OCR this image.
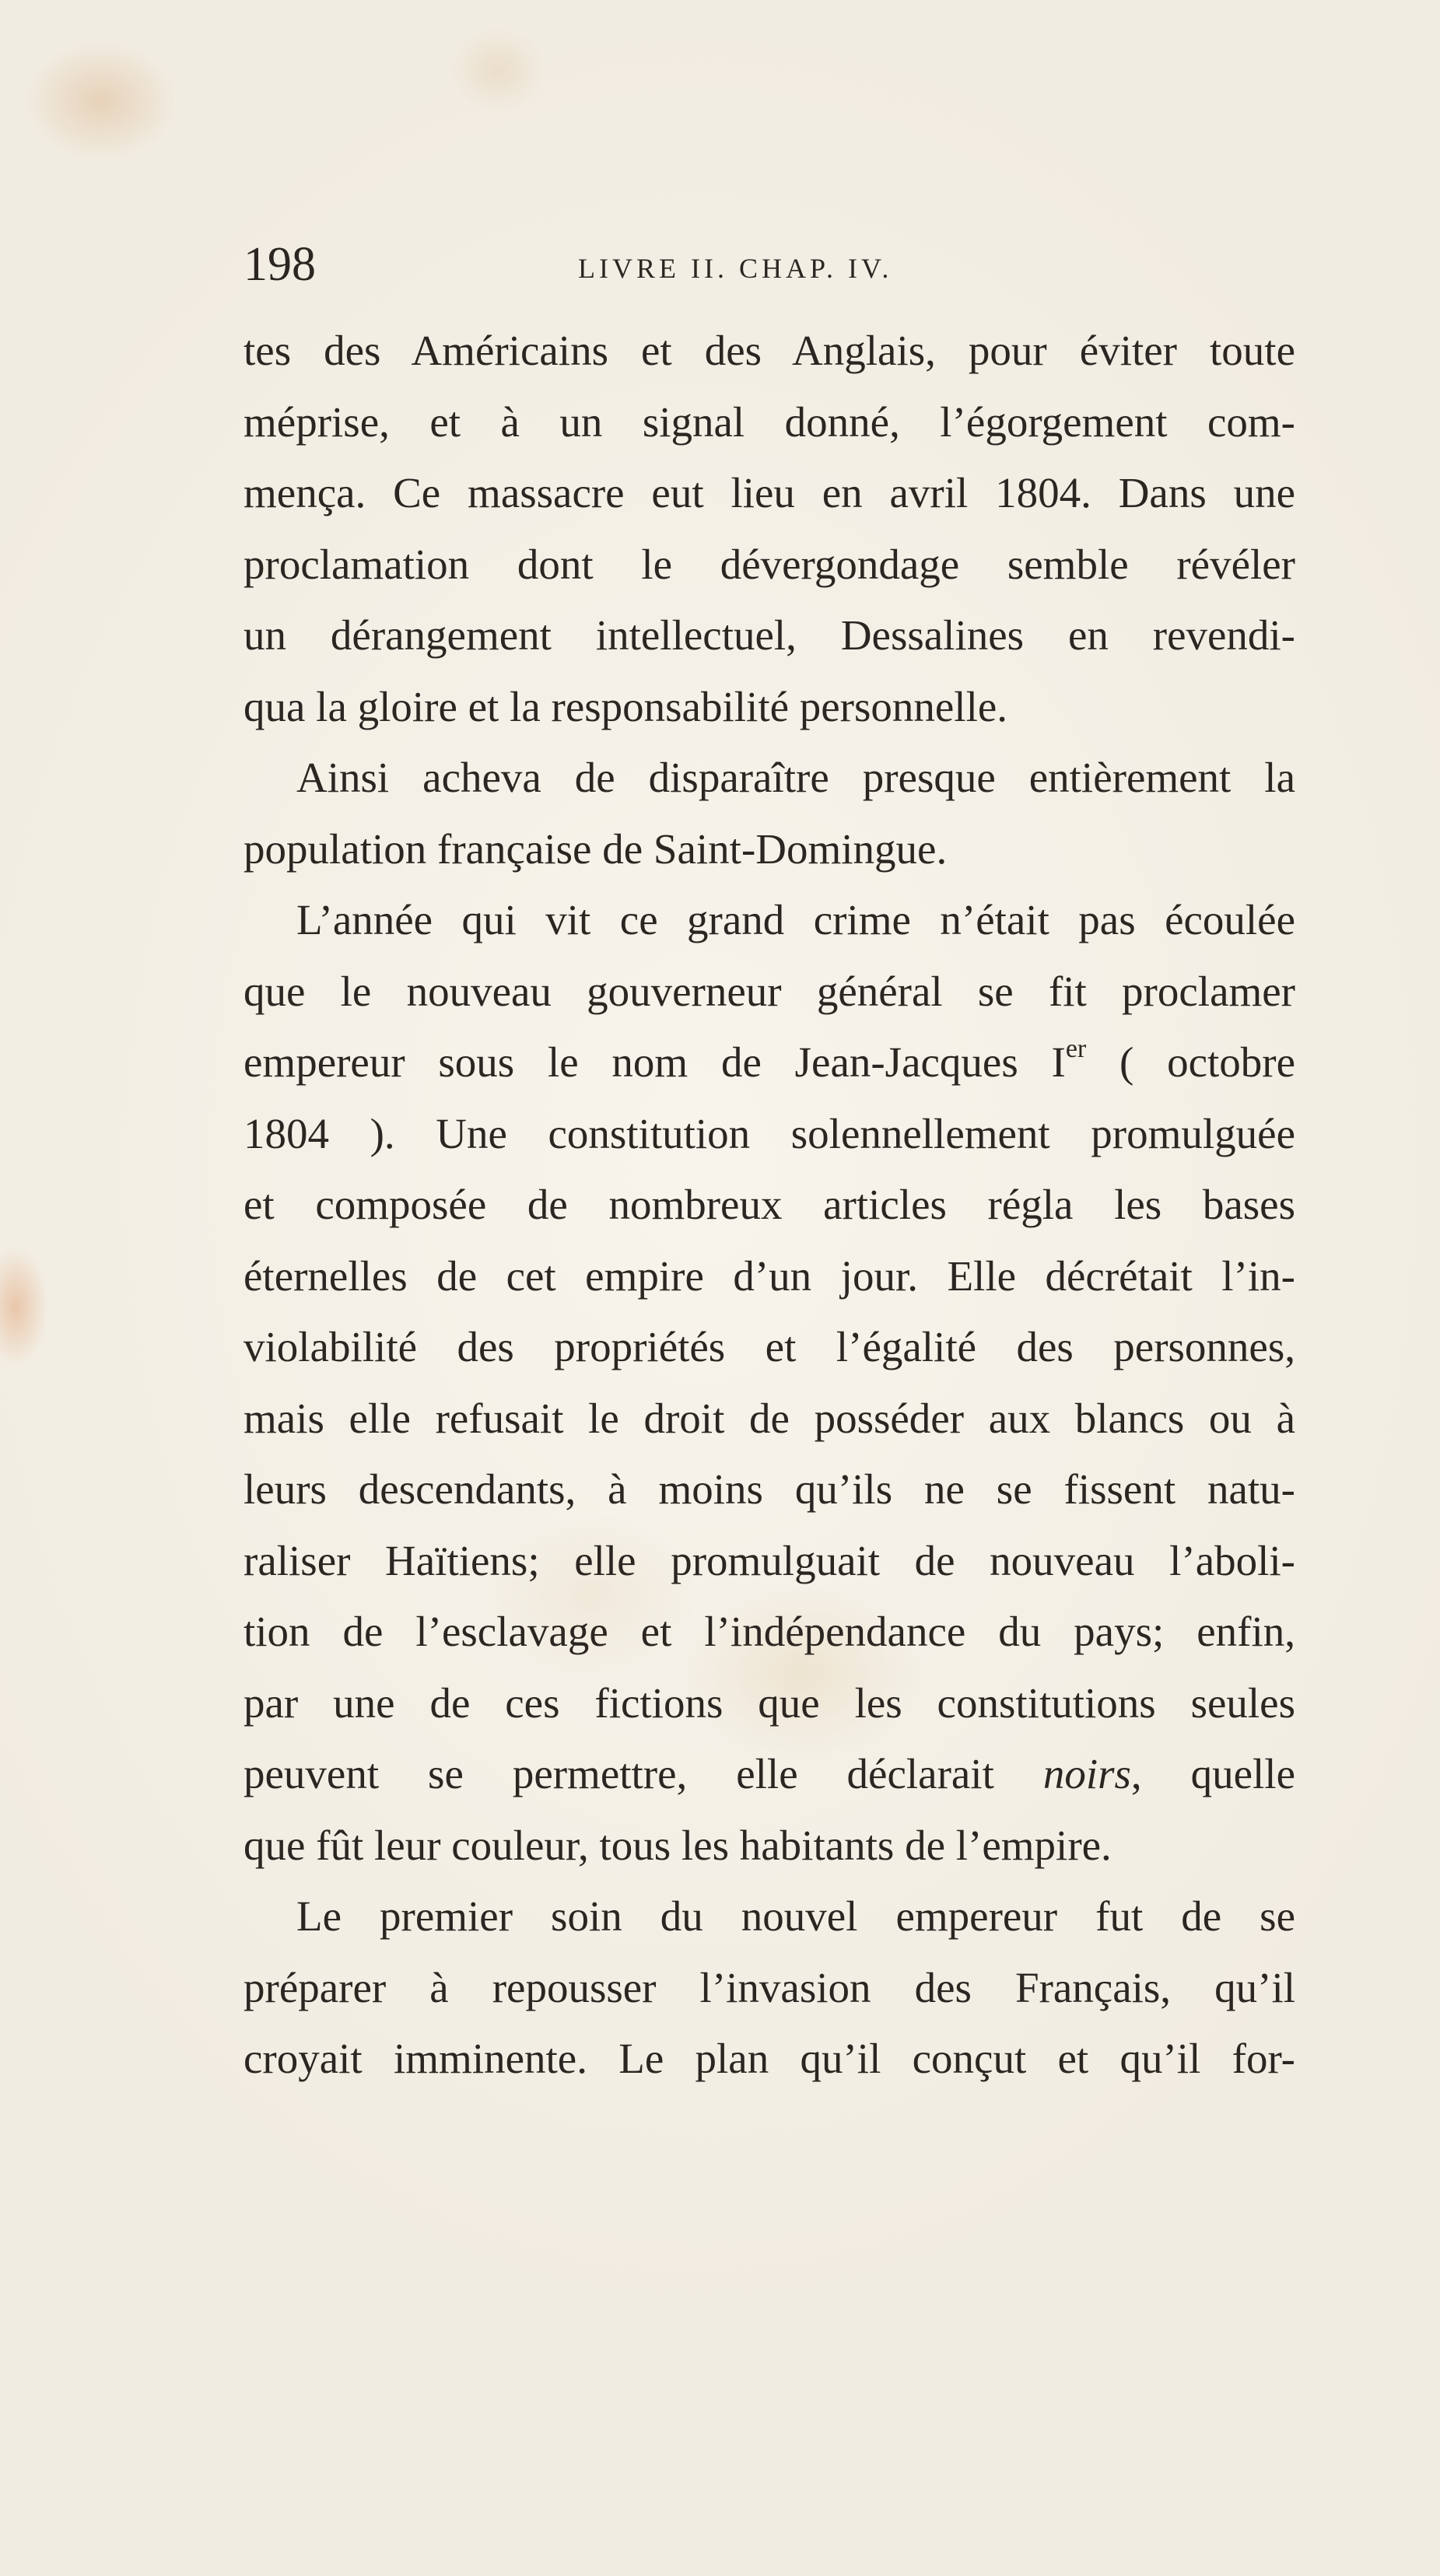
198	LIVRE II. CHAP. IV.
tes des Américains et des Anglais, pour éviter toute
méprise, et à un signal donné, l’égorgement com-
mença. Ce massacre eut lieu en avril 1804. Dans une
proclamation dont le dévergondage semble révéler
un dérangement intellectuel, Dessalines en revendi-
qua la gloire et la responsabilité personnelle.
Ainsi acheva de disparaître presque entièrement la
population française de Saint-Domingue.
L’année qui vit ce grand crime n’était pas écoulée
que le nouveau gouverneur général se fit proclamer
empereur sous le nom de Jean-Jacques Ier ( octobre
1804 ). Une constitution solennellement promulguée
et composée de nombreux articles régla les bases
éternelles de cet empire d’un jour. Elle décrétait l’in-
violabilité des propriétés et l’égalité des personnes,
mais elle refusait le droit de posséder aux blancs ou à
leurs descendants, à moins qu’ils ne se fissent natu-
raliser Haïtiens; elle promulguait de nouveau l’aboli-
tion de l’esclavage et l’indépendance du pays; enfin,
par une de ces fictions que les constitutions seules
peuvent se permettre, elle déclarait noirs, quelle
que fût leur couleur, tous les habitants de l’empire.
Le premier soin du nouvel empereur fut de se
préparer à repousser l’invasion des Français, qu’il
croyait imminente. Le plan qu’il conçut et qu’il for-
